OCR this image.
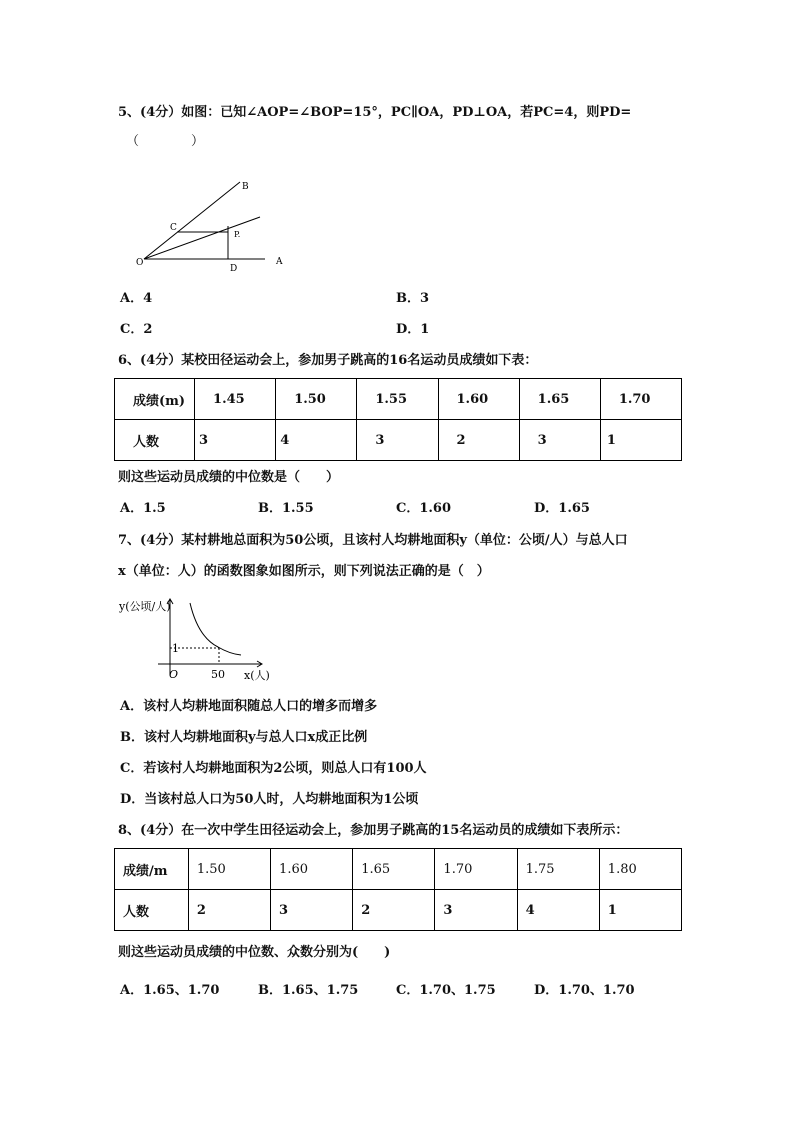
5、(4分）如图：已知∠AOP=∠BOP=15°，PC∥OA，PD⊥OA，若PC=4，则PD=
（　　　　）
B
C
P.
O
D
A
A．4	B．3
C．2	D．1
6、(4分）某校田径运动会上，参加男子跳高的16名运动员成绩如下表：
成绩(m)	1.45	1.50	1.55	1.60	1.65	1.70
人数	3	4	3	2	3	1
则这些运动员成绩的中位数是（　　）
A．1.5	B．1.55	C．1.60	D．1.65
7、(4分）某村耕地总面积为50公顷，且该村人均耕地面积y（单位：公顷/人）与总人口
x（单位：人）的函数图象如图所示，则下列说法正确的是（　）
y(公顷/人)
x(人)
O	50
1
A．该村人均耕地面积随总人口的增多而增多
B．该村人均耕地面积y与总人口x成正比例
C．若该村人均耕地面积为2公顷，则总人口有100人
D．当该村总人口为50人时，人均耕地面积为1公顷
8、(4分）在一次中学生田径运动会上，参加男子跳高的15名运动员的成绩如下表所示：
成绩/m	1.50	1.60	1.65	1.70	1.75	1.80
人数	2	3	2	3	4	1
则这些运动员成绩的中位数、众数分别为(　　)
A．1.65、1.70	B．1.65、1.75	C．1.70、1.75	D．1.70、1.70
